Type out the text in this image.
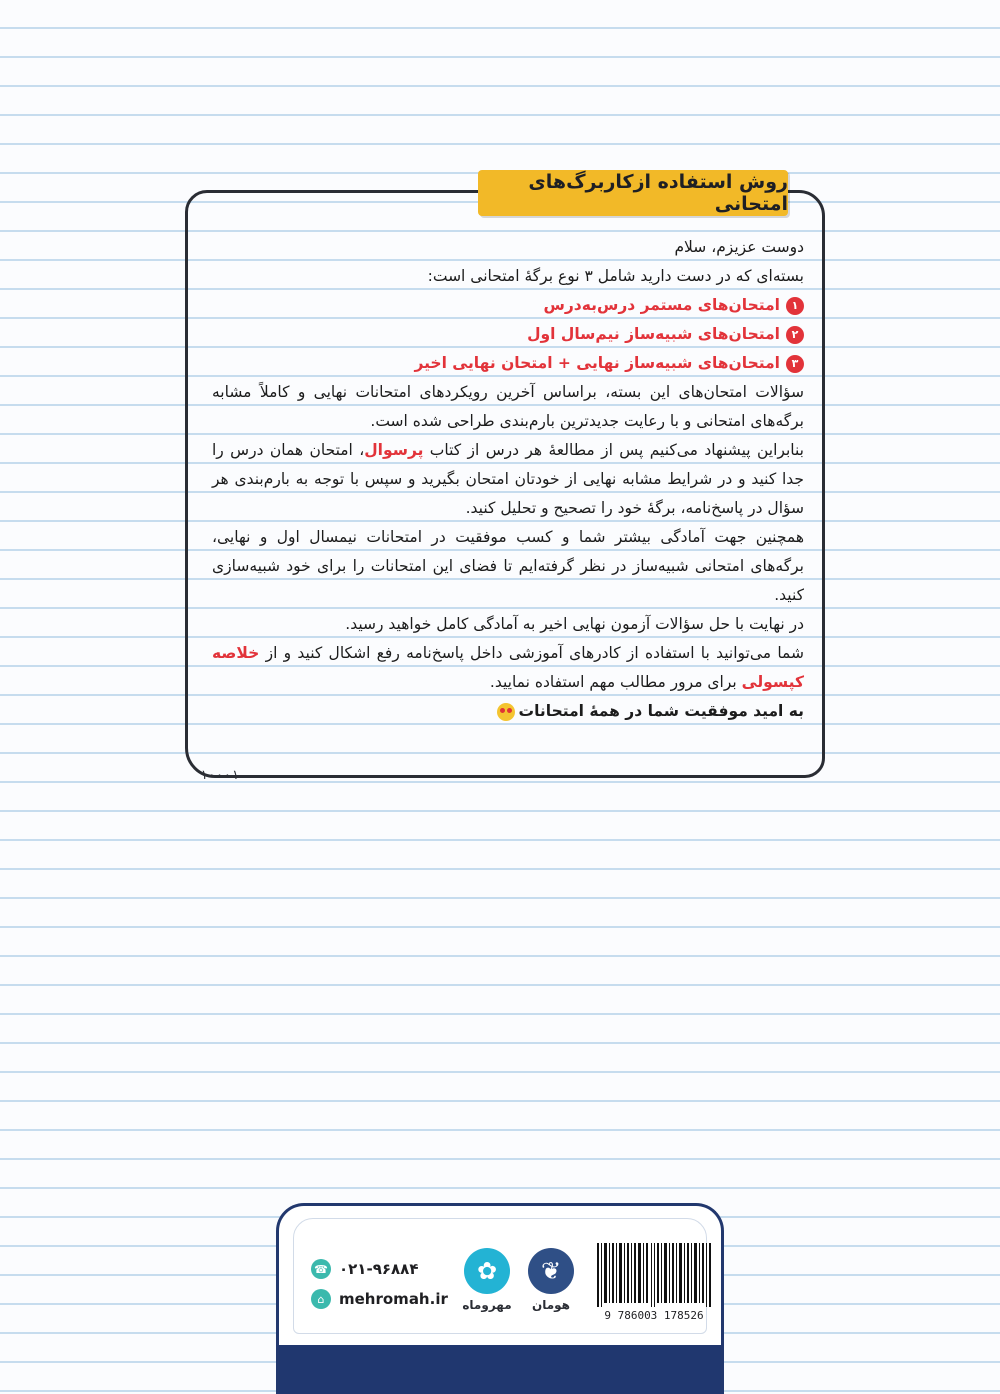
روش استفاده ازکاربرگ‌های امتحانی

دوست عزیزم، سلام

بسته‌ای که در دست دارید شامل ۳ نوع برگهٔ امتحانی است:

۱
امتحان‌های مستمر درس‌به‌درس

۲
امتحان‌های شبیه‌ساز نیم‌سال اول

۳
امتحان‌های شبیه‌ساز نهایی + امتحان نهایی اخیر

سؤالات امتحان‌های این بسته، براساس آخرین رویکردهای امتحانات نهایی و کاملاً مشابه برگه‌های امتحانی و با رعایت جدیدترین بارم‌بندی طراحی شده است.

بنابراین پیشنهاد می‌کنیم پس از مطالعهٔ هر درس از کتاب پرسوال، امتحان همان درس را جدا کنید و در شرایط مشابه نهایی از خودتان امتحان بگیرید و سپس با توجه به بارم‌بندی هر سؤال در پاسخ‌نامه، برگهٔ خود را تصحیح و تحلیل کنید.

همچنین جهت آمادگی بیشتر شما و کسب موفقیت در امتحانات نیمسال اول و نهایی، برگه‌های امتحانی شبیه‌ساز در نظر گرفته‌ایم تا فضای این امتحانات را برای خود شبیه‌سازی کنید.

در نهایت با حل سؤالات آزمون نهایی اخیر به آمادگی کامل خواهید رسید.

شما می‌توانید با استفاده از کادرهای آموزشی داخل پاسخ‌نامه رفع اشکال کنید و از خلاصه کپسولی برای مرور مطالب مهم استفاده نمایید.

به امید موفقیت شما در همهٔ امتحانات

۱۰۰۰۱
☎ ۰۲۱-۹۶۸۸۴
⌂ mehromah.ir
✿
مهروماه
❦
هومان
9 786003 178526
